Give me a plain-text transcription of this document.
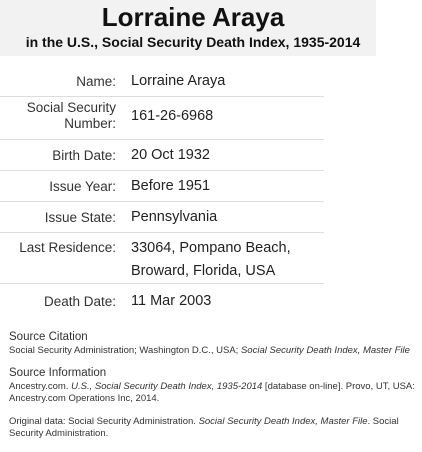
Lorraine Araya
in the U.S., Social Security Death Index, 1935-2014
Name:	Lorraine Araya
Social Security Number:	161-26-6968
Birth Date:	20 Oct 1932
Issue Year:	Before 1951
Issue State:	Pennsylvania
Last Residence: 33064, Pompano Beach,
Broward, Florida, USA
Death Date:	11 Mar 2003
Source Citation
Social Security Administration; Washington D.C., USA; Social Security Death Index, Master File
Source Information
Ancestry.com. U.S., Social Security Death Index, 1935-2014 [database on-line]. Provo, UT, USA: Ancestry.com Operations Inc, 2014.
Original data: Social Security Administration. Social Security Death Index, Master File. Social Security Administration.
